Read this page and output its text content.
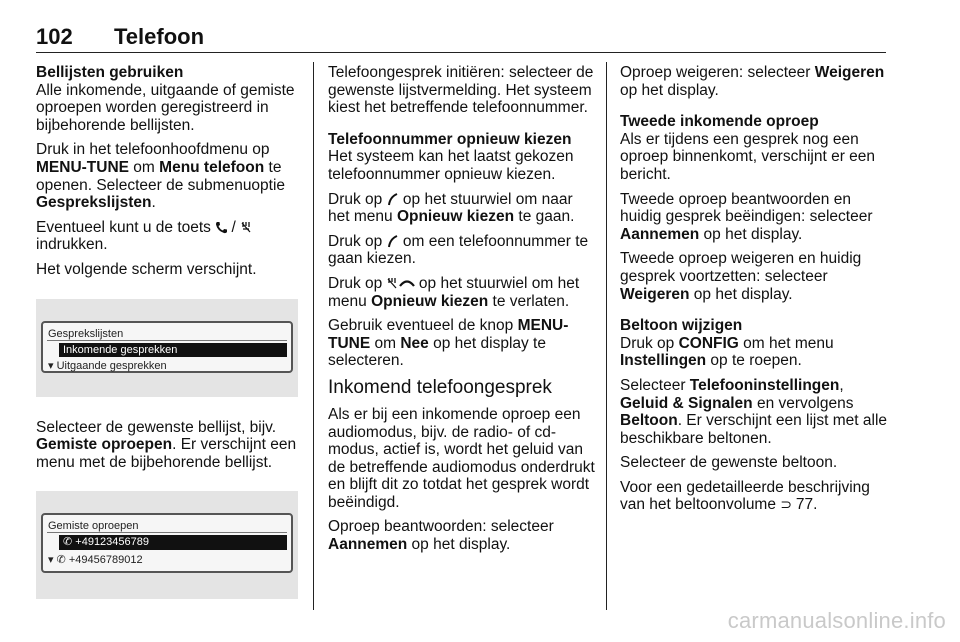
102 Telefoon

Bellijsten gebruiken

Alle inkomende, uitgaande of gemiste oproepen worden geregistreerd in bijbehorende bellijsten.

Druk in het telefoonhoofdmenu op MENU-TUNE om Menu telefoon te openen. Selecteer de submenuoptie Gesprekslijsten.

Eventueel kunt u de toets  /  indrukken.

Het volgende scherm verschijnt.

Gesprekslijsten
Inkomende gesprekken
▾ Uitgaande gesprekken

Selecteer de gewenste bellijst, bijv. Gemiste oproepen. Er verschijnt een menu met de bijbehorende bellijst.

Gemiste oproepen
✆ +49123456789
▾ ✆ +49456789012

Telefoongesprek initiëren: selecteer de gewenste lijstvermelding. Het systeem kiest het betreffende telefoonnummer.

Telefoonnummer opnieuw kiezen

Het systeem kan het laatst gekozen telefoonnummer opnieuw kiezen.

Druk op  op het stuurwiel om naar het menu Opnieuw kiezen te gaan.

Druk op  om een telefoonnummer te gaan kiezen.

Druk op  op het stuurwiel om het menu Opnieuw kiezen te verlaten.

Gebruik eventueel de knop MENU-TUNE om Nee op het display te selecteren.

Inkomend telefoongesprek

Als er bij een inkomende oproep een audiomodus, bijv. de radio- of cd-modus, actief is, wordt het geluid van de betreffende audiomodus onderdrukt en blijft dit zo totdat het gesprek wordt beëindigd.

Oproep beantwoorden: selecteer Aannemen op het display.

Oproep weigeren: selecteer Weigeren op het display.

Tweede inkomende oproep

Als er tijdens een gesprek nog een oproep binnenkomt, verschijnt er een bericht.

Tweede oproep beantwoorden en huidig gesprek beëindigen: selecteer Aannemen op het display.

Tweede oproep weigeren en huidig gesprek voortzetten: selecteer Weigeren op het display.

Beltoon wijzigen

Druk op CONFIG om het menu Instellingen op te roepen.

Selecteer Telefooninstellingen, Geluid & Signalen en vervolgens Beltoon. Er verschijnt een lijst met alle beschikbare beltonen.

Selecteer de gewenste beltoon.

Voor een gedetailleerde beschrijving van het beltoonvolume ⊃ 77.

carmanualsonline.info
